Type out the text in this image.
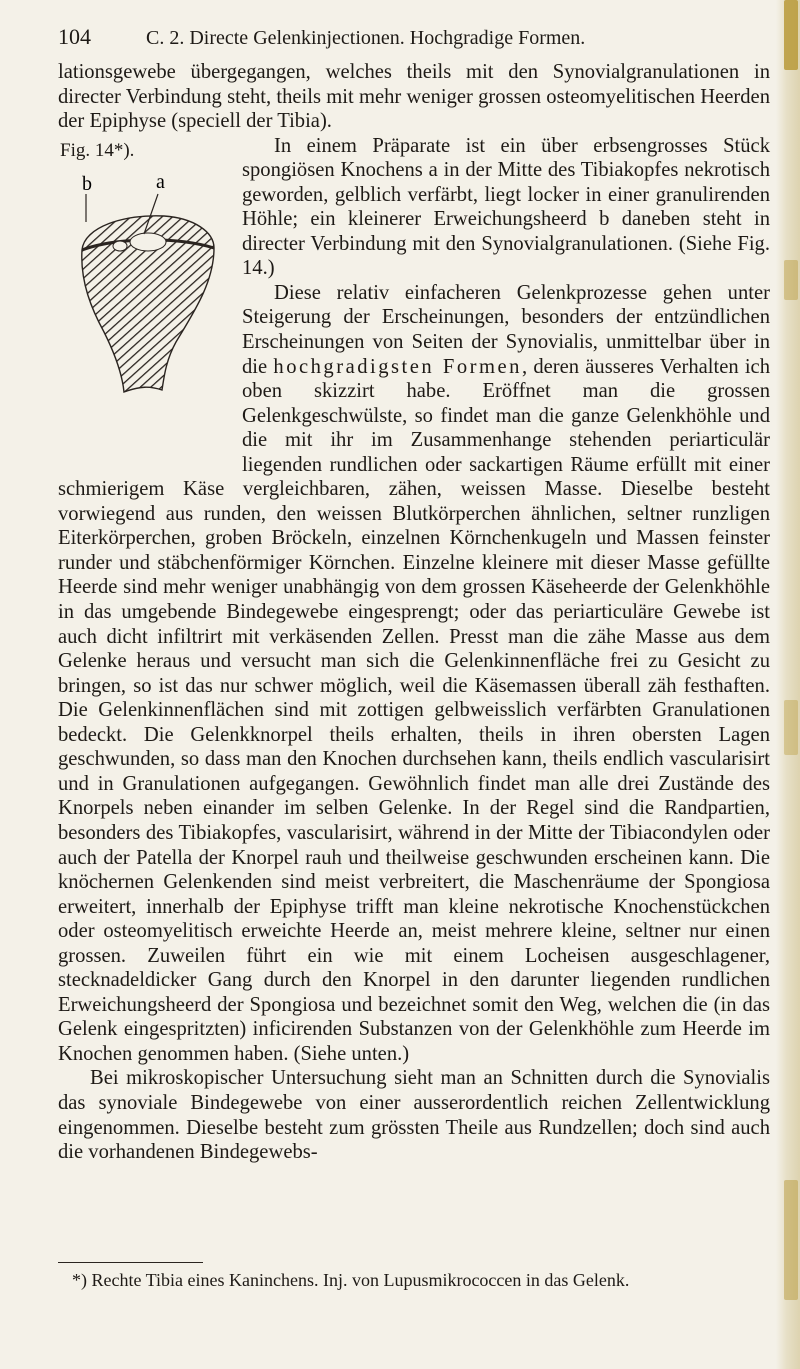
104	C. 2. Directe Gelenkinjectionen. Hochgradige Formen.

lationsgewebe übergegangen, welches theils mit den Synovialgranulationen in directer Verbindung steht, theils mit mehr weniger grossen osteomyelitischen Heerden der Epiphyse (speciell der Tibia).

Fig. 14*).
b	a

In einem Präparate ist ein über erbsengrosses Stück spongiösen Knochens a in der Mitte des Tibiakopfes nekrotisch geworden, gelblich verfärbt, liegt locker in einer granulirenden Höhle; ein kleinerer Erweichungsheerd b daneben steht in directer Verbindung mit den Synovialgranulationen. (Siehe Fig. 14.)

Diese relativ einfacheren Gelenkprozesse gehen unter Steigerung der Erscheinungen, besonders der entzündlichen Erscheinungen von Seiten der Synovialis, unmittelbar über in die hochgradigsten Formen, deren äusseres Verhalten ich oben skizzirt habe. Eröffnet man die grossen Gelenkgeschwülste, so findet man die ganze Gelenkhöhle und die mit ihr im Zusammenhange stehenden periarticulär liegenden rundlichen oder sackartigen Räume erfüllt mit einer schmierigem Käse vergleichbaren, zähen, weissen Masse. Dieselbe besteht vorwiegend aus runden, den weissen Blutkörperchen ähnlichen, seltner runzligen Eiterkörperchen, groben Bröckeln, einzelnen Körnchenkugeln und Massen feinster runder und stäbchenförmiger Körnchen. Einzelne kleinere mit dieser Masse gefüllte Heerde sind mehr weniger unabhängig von dem grossen Käseheerde der Gelenkhöhle in das umgebende Bindegewebe eingesprengt; oder das periarticuläre Gewebe ist auch dicht infiltrirt mit verkäsenden Zellen. Presst man die zähe Masse aus dem Gelenke heraus und versucht man sich die Gelenkinnenfläche frei zu Gesicht zu bringen, so ist das nur schwer möglich, weil die Käsemassen überall zäh festhaften. Die Gelenkinnenflächen sind mit zottigen gelbweisslich verfärbten Granulationen bedeckt. Die Gelenkknorpel theils erhalten, theils in ihren obersten Lagen geschwunden, so dass man den Knochen durchsehen kann, theils endlich vascularisirt und in Granulationen aufgegangen. Gewöhnlich findet man alle drei Zustände des Knorpels neben einander im selben Gelenke. In der Regel sind die Randpartien, besonders des Tibiakopfes, vascularisirt, während in der Mitte der Tibiacondylen oder auch der Patella der Knorpel rauh und theilweise geschwunden erscheinen kann. Die knöchernen Gelenkenden sind meist verbreitert, die Maschenräume der Spongiosa erweitert, innerhalb der Epiphyse trifft man kleine nekrotische Knochenstückchen oder osteomyelitisch erweichte Heerde an, meist mehrere kleine, seltner nur einen grossen. Zuweilen führt ein wie mit einem Locheisen ausgeschlagener, stecknadeldicker Gang durch den Knorpel in den darunter liegenden rundlichen Erweichungsheerd der Spongiosa und bezeichnet somit den Weg, welchen die (in das Gelenk eingespritzten) inficirenden Substanzen von der Gelenkhöhle zum Heerde im Knochen genommen haben. (Siehe unten.)

Bei mikroskopischer Untersuchung sieht man an Schnitten durch die Synovialis das synoviale Bindegewebe von einer ausserordentlich reichen Zellentwicklung eingenommen. Dieselbe besteht zum grössten Theile aus Rundzellen; doch sind auch die vorhandenen Bindegewebs-

*) Rechte Tibia eines Kaninchens. Inj. von Lupusmikrococcen in das Gelenk.
